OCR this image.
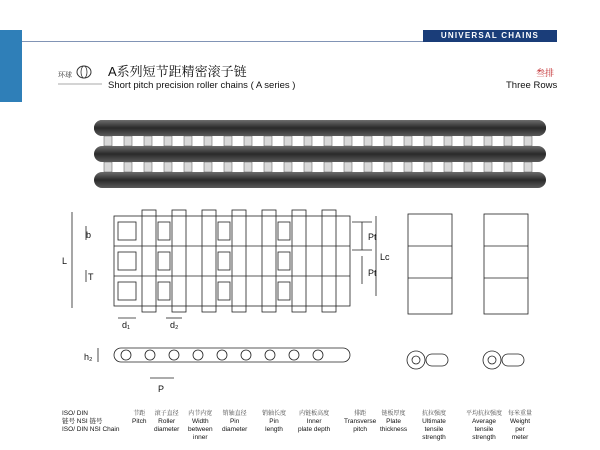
UNIVERSAL CHAINS
环球	A系列短节距精密滚子链
Short pitch precision roller chains ( A series )
叁排
Three Rows
b
T
L
Pt
Pt
Lc
d₁	d₂
h₂
P
ISO/ DIN
链号 NSI 链号
ISO/ DIN NSI Chain
节距
Pitch
滚子直径
Roller
diameter
内节内宽
Width
between
inner
销轴直径
Pin
diameter
销轴长度
Pin
length
内链板高度
Inner
plate depth
排距
Transverse
pitch
链板厚度
Plate
thickness
抗拉强度
Ultimate
tensile
strength
平均抗拉强度
Average
tensile
strength
每米重量
Weight
per
meter
